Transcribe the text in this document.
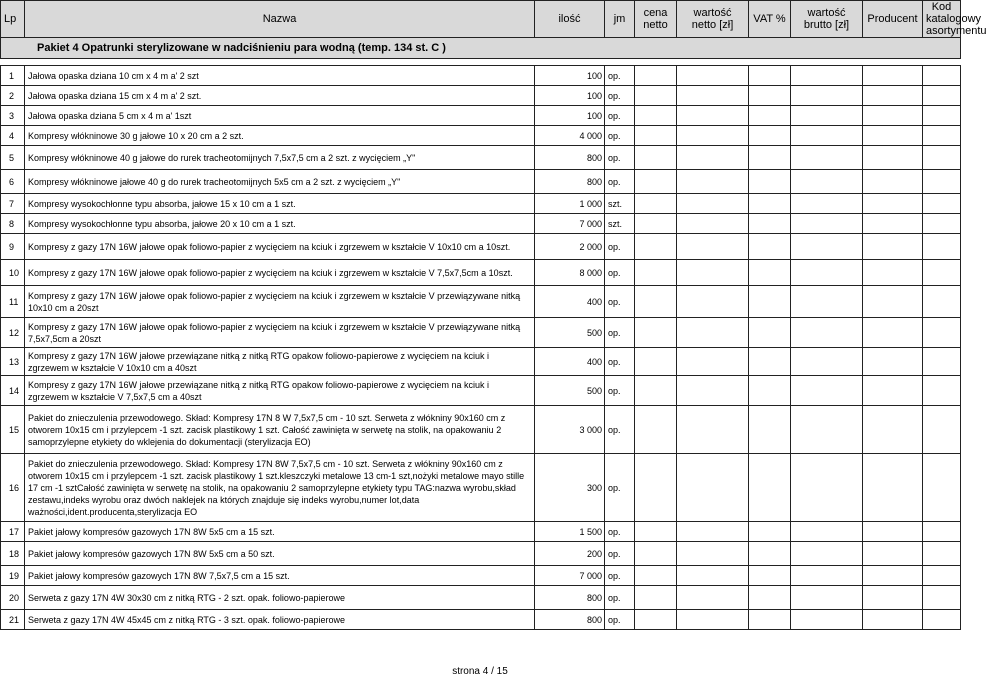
Lp	Nazwa	ilość	jm	cena netto	wartość netto [zł]	VAT %	wartość brutto [zł]	Producent	Kod katalogowy asortymentu
Pakiet 4 Opatrunki sterylizowane w nadciśnieniu para wodną (temp. 134 st. C )									

1	Jałowa opaska dziana 10 cm x 4 m a' 2 szt	100	op.						
2	Jałowa opaska dziana 15 cm x 4 m a' 2 szt.	100	op.						
3	Jałowa opaska dziana 5 cm x 4 m a' 1szt	100	op.						
4	Kompresy włókninowe 30 g jałowe 10 x 20 cm a 2 szt.	4 000	op.						
5	Kompresy włókninowe 40 g jałowe do rurek tracheotomijnych 7,5x7,5 cm a 2 szt. z wycięciem „Y"	800	op.						
6	Kompresy włókninowe jałowe 40 g do rurek tracheotomijnych 5x5 cm a 2 szt. z wycięciem „Y"	800	op.						
7	Kompresy wysokochłonne typu absorba, jałowe 15 x 10 cm a 1 szt.	1 000	szt.						
8	Kompresy wysokochłonne typu absorba, jałowe 20 x 10 cm a 1 szt.	7 000	szt.						
9	Kompresy z gazy 17N 16W jałowe opak foliowo-papier z wycięciem na kciuk i zgrzewem w kształcie V 10x10 cm a 10szt.	2 000	op.						
10	Kompresy z gazy 17N 16W jałowe opak foliowo-papier z wycięciem na kciuk i zgrzewem w kształcie V 7,5x7,5cm a 10szt.	8 000	op.						
11	Kompresy z gazy 17N 16W jałowe opak foliowo-papier z wycięciem na kciuk i zgrzewem w kształcie V przewiązywane nitką 10x10 cm a 20szt	400	op.						
12	Kompresy z gazy 17N 16W jałowe opak foliowo-papier z wycięciem na kciuk i zgrzewem w kształcie V przewiązywane nitką 7,5x7,5cm a 20szt	500	op.						
13	Kompresy z gazy 17N 16W jałowe przewiązane nitką z nitką RTG opakow foliowo-papierowe z wycięciem na kciuk i zgrzewem w kształcie V 10x10 cm a 40szt	400	op.						
14	Kompresy z gazy 17N 16W jałowe przewiązane nitką z nitką RTG opakow foliowo-papierowe z wycięciem na kciuk i zgrzewem w kształcie V 7,5x7,5 cm a 40szt	500	op.						
15	Pakiet do znieczulenia przewodowego. Skład: Kompresy 17N 8 W 7,5x7,5 cm - 10 szt. Serweta z włókniny 90x160 cm z otworem 10x15 cm i przylepcem -1 szt. zacisk plastikowy 1 szt. Całość zawinięta w serwetę na stolik, na opakowaniu 2 samoprzylepne etykiety do wklejenia do dokumentacji (sterylizacja EO)	3 000	op.						
16	Pakiet do znieczulenia przewodowego. Skład: Kompresy 17N 8W 7,5x7,5 cm - 10 szt. Serweta z włókniny 90x160 cm z otworem 10x15 cm i przylepcem -1 szt. zacisk plastikowy 1 szt.kleszczyki metalowe 13 cm-1 szt,nożyki metalowe mayo stille 17 cm -1 sztCałość zawinięta w serwetę na stolik, na opakowaniu 2 samoprzylepne etykiety typu TAG:nazwa wyrobu,skład zestawu,indeks wyrobu oraz dwóch naklejek na których znajduje się indeks wyrobu,numer lot,data ważności,ident.producenta,sterylizacja EO	300	op.						
17	Pakiet jałowy kompresów gazowych 17N 8W 5x5 cm a 15 szt.	1 500	op.						
18	Pakiet jałowy kompresów gazowych 17N 8W 5x5 cm a 50 szt.	200	op.						
19	Pakiet jałowy kompresów gazowych 17N 8W 7,5x7,5 cm a 15 szt.	7 000	op.						
20	Serweta z gazy 17N 4W 30x30 cm z nitką RTG - 2 szt. opak. foliowo-papierowe	800	op.						
21	Serweta z gazy 17N 4W 45x45 cm z nitką RTG - 3 szt. opak. foliowo-papierowe	800	op.						
strona 4 / 15
